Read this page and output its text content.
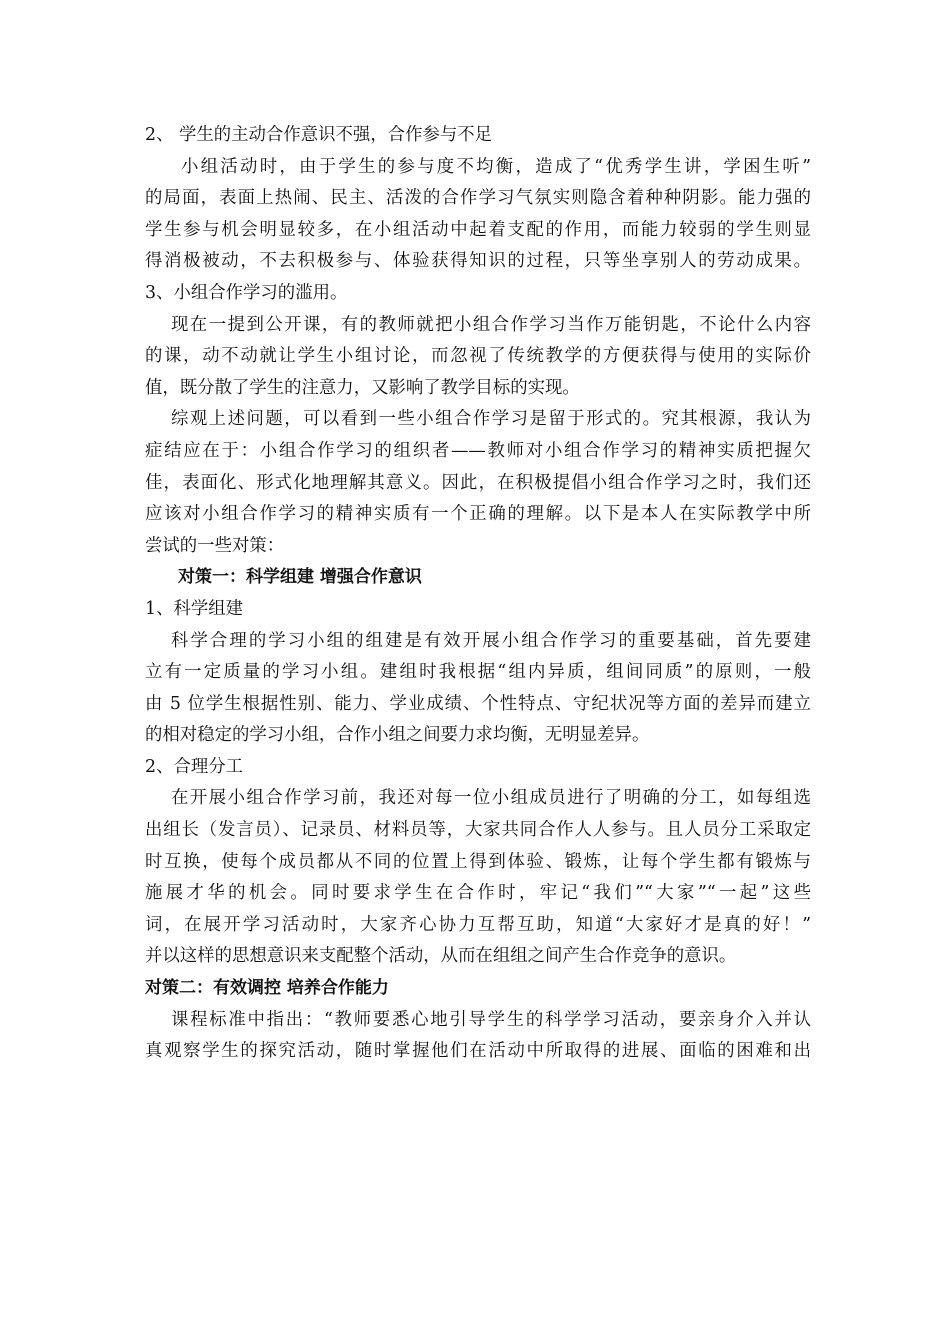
2、 学生的主动合作意识不强，合作参与不足
小组活动时，由于学生的参与度不均衡，造成了“优秀学生讲，学困生听”
的局面，表面上热闹、民主、活泼的合作学习气氛实则隐含着种种阴影。能力强的
学生参与机会明显较多，在小组活动中起着支配的作用，而能力较弱的学生则显
得消极被动，不去积极参与、体验获得知识的过程，只等坐享别人的劳动成果。
3、小组合作学习的滥用。
现在一提到公开课，有的教师就把小组合作学习当作万能钥匙，不论什么内容
的课，动不动就让学生小组讨论，而忽视了传统教学的方便获得与使用的实际价
值，既分散了学生的注意力，又影响了教学目标的实现。
综观上述问题，可以看到一些小组合作学习是留于形式的。究其根源，我认为
症结应在于：小组合作学习的组织者——教师对小组合作学习的精神实质把握欠
佳，表面化、形式化地理解其意义。因此，在积极提倡小组合作学习之时，我们还
应该对小组合作学习的精神实质有一个正确的理解。以下是本人在实际教学中所
尝试的一些对策：
对策一：科学组建 增强合作意识
1、科学组建
科学合理的学习小组的组建是有效开展小组合作学习的重要基础，首先要建
立有一定质量的学习小组。建组时我根据“组内异质，组间同质”的原则，一般
由 5 位学生根据性别、能力、学业成绩、个性特点、守纪状况等方面的差异而建立
的相对稳定的学习小组，合作小组之间要力求均衡，无明显差异。
2、合理分工
在开展小组合作学习前，我还对每一位小组成员进行了明确的分工，如每组选
出组长（发言员）、记录员、材料员等，大家共同合作人人参与。且人员分工采取定
时互换，使每个成员都从不同的位置上得到体验、锻炼，让每个学生都有锻炼与
施展才华的机会。同时要求学生在合作时，牢记“我们”“大家”“一起”这些
词，在展开学习活动时，大家齐心协力互帮互助，知道“大家好才是真的好！”
并以这样的思想意识来支配整个活动，从而在组组之间产生合作竞争的意识。
对策二：有效调控 培养合作能力
课程标准中指出：“教师要悉心地引导学生的科学学习活动，要亲身介入并认
真观察学生的探究活动，随时掌握他们在活动中所取得的进展、面临的困难和出
